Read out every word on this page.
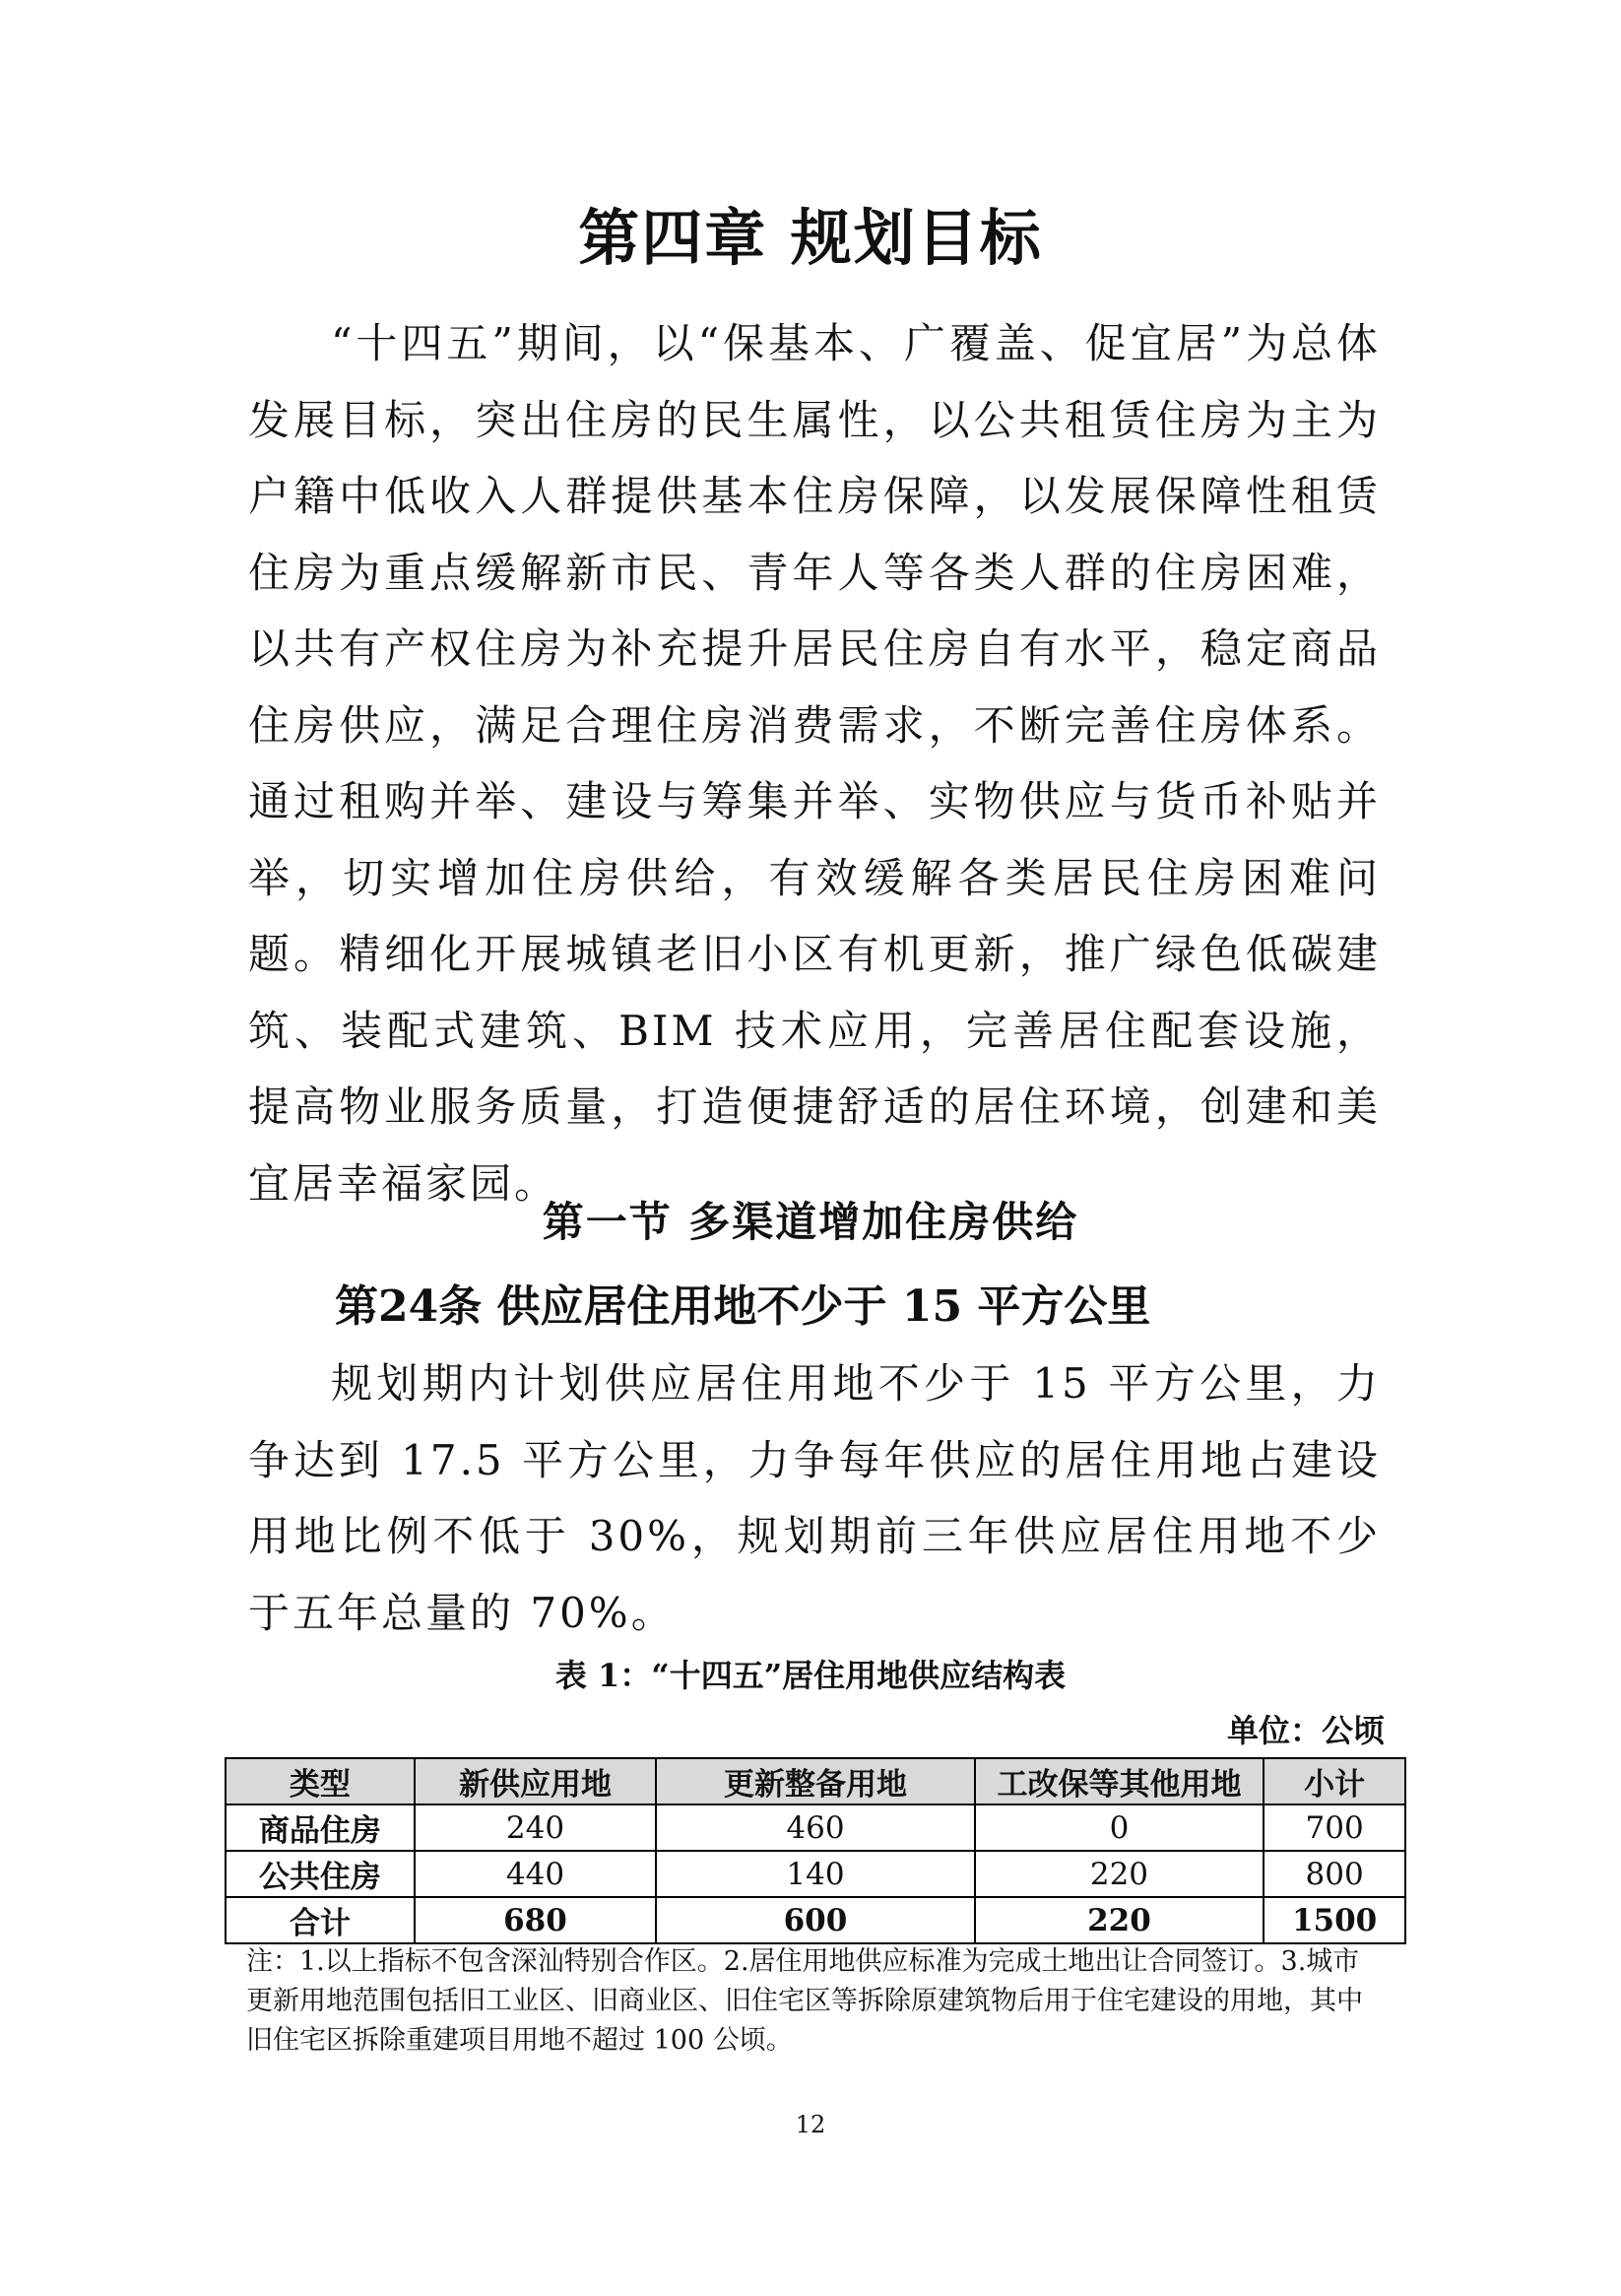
第四章 规划目标
“十四五”期间，以“保基本、广覆盖、促宜居”为总体发展目标，突出住房的民生属性，以公共租赁住房为主为户籍中低收入人群提供基本住房保障，以发展保障性租赁住房为重点缓解新市民、青年人等各类人群的住房困难，以共有产权住房为补充提升居民住房自有水平，稳定商品住房供应，满足合理住房消费需求，不断完善住房体系。通过租购并举、建设与筹集并举、实物供应与货币补贴并举，切实增加住房供给，有效缓解各类居民住房困难问题。精细化开展城镇老旧小区有机更新，推广绿色低碳建筑、装配式建筑、BIM 技术应用，完善居住配套设施，提高物业服务质量，打造便捷舒适的居住环境，创建和美宜居幸福家园。
第一节 多渠道增加住房供给
第24条 供应居住用地不少于 15 平方公里
规划期内计划供应居住用地不少于 15 平方公里，力争达到 17.5 平方公里，力争每年供应的居住用地占建设用地比例不低于 30%，规划期前三年供应居住用地不少于五年总量的 70%。
表 1：“十四五”居住用地供应结构表
单位：公顷
类型	新供应用地	更新整备用地	工改保等其他用地	小计
商品住房	240	460	0	700
公共住房	440	140	220	800
合计	680	600	220	1500
注：1.以上指标不包含深汕特别合作区。2.居住用地供应标准为完成土地出让合同签订。3.城市更新用地范围包括旧工业区、旧商业区、旧住宅区等拆除原建筑物后用于住宅建设的用地，其中旧住宅区拆除重建项目用地不超过 100 公顷。
12
